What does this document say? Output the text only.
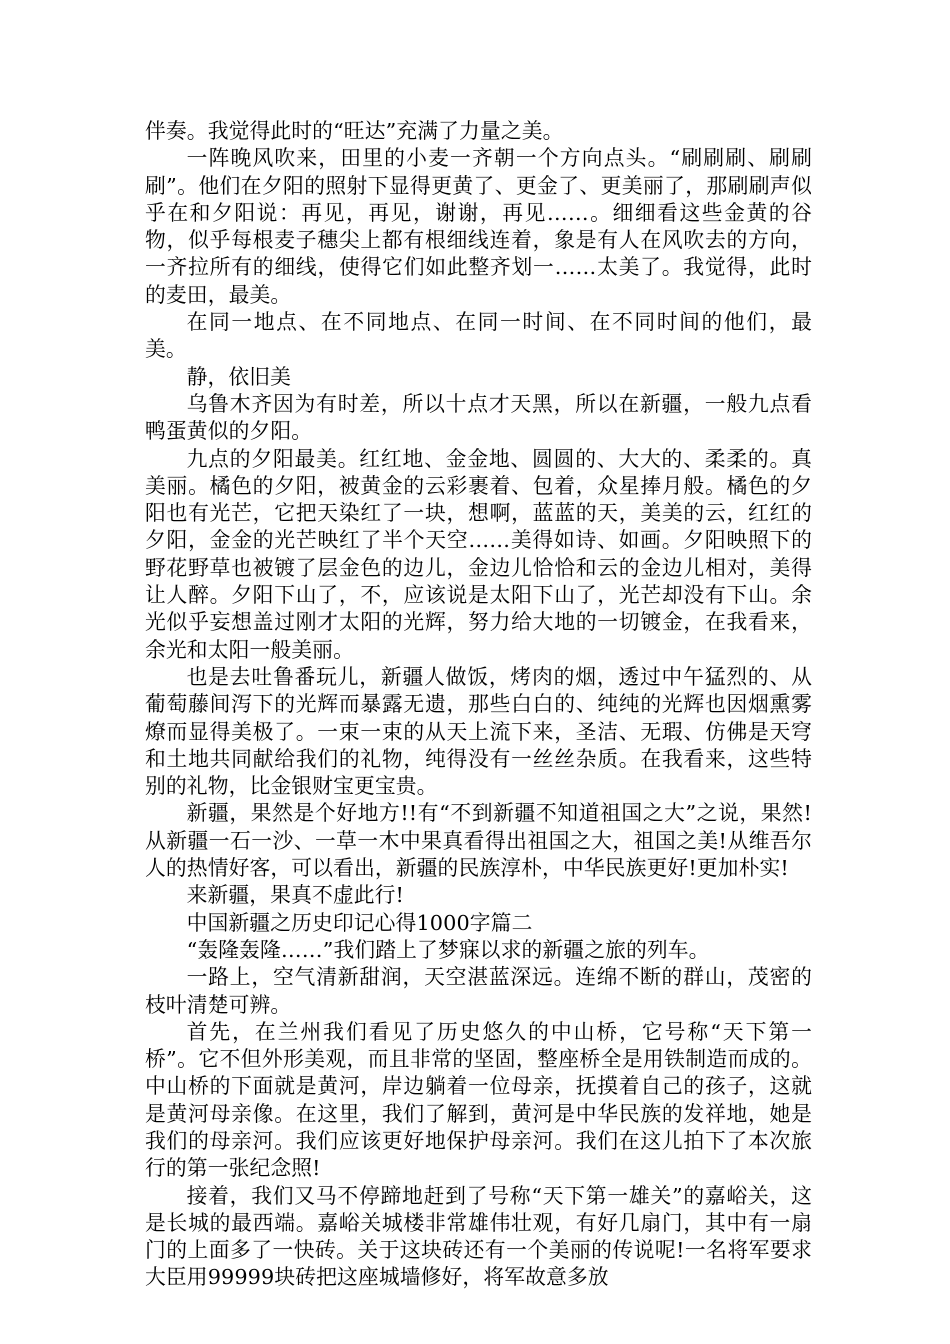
伴奏。我觉得此时的“旺达”充满了力量之美。

一阵晚风吹来，田里的小麦一齐朝一个方向点头。“刷刷刷、刷刷刷”。他们在夕阳的照射下显得更黄了、更金了、更美丽了，那刷刷声似乎在和夕阳说：再见，再见，谢谢，再见……。细细看这些金黄的谷物，似乎每根麦子穗尖上都有根细线连着，象是有人在风吹去的方向，一齐拉所有的细线，使得它们如此整齐划一……太美了。我觉得，此时的麦田，最美。

在同一地点、在不同地点、在同一时间、在不同时间的他们，最美。

静，依旧美

乌鲁木齐因为有时差，所以十点才天黑，所以在新疆，一般九点看鸭蛋黄似的夕阳。

九点的夕阳最美。红红地、金金地、圆圆的、大大的、柔柔的。真美丽。橘色的夕阳，被黄金的云彩裹着、包着，众星捧月般。橘色的夕阳也有光芒，它把天染红了一块，想啊，蓝蓝的天，美美的云，红红的夕阳，金金的光芒映红了半个天空……美得如诗、如画。夕阳映照下的野花野草也被镀了层金色的边儿，金边儿恰恰和云的金边儿相对，美得让人醉。夕阳下山了，不，应该说是太阳下山了，光芒却没有下山。余光似乎妄想盖过刚才太阳的光辉，努力给大地的一切镀金，在我看来，余光和太阳一般美丽。

也是去吐鲁番玩儿，新疆人做饭，烤肉的烟，透过中午猛烈的、从葡萄藤间泻下的光辉而暴露无遗，那些白白的、纯纯的光辉也因烟熏雾燎而显得美极了。一束一束的从天上流下来，圣洁、无瑕、仿佛是天穹和土地共同献给我们的礼物，纯得没有一丝丝杂质。在我看来，这些特别的礼物，比金银财宝更宝贵。

新疆，果然是个好地方!!有“不到新疆不知道祖国之大”之说，果然!从新疆一石一沙、一草一木中果真看得出祖国之大，祖国之美!从维吾尔人的热情好客，可以看出，新疆的民族淳朴，中华民族更好!更加朴实!

来新疆，果真不虚此行!

中国新疆之历史印记心得1000字篇二

“轰隆轰隆……”我们踏上了梦寐以求的新疆之旅的列车。

一路上，空气清新甜润，天空湛蓝深远。连绵不断的群山，茂密的枝叶清楚可辨。

首先，在兰州我们看见了历史悠久的中山桥，它号称“天下第一桥”。它不但外形美观，而且非常的坚固，整座桥全是用铁制造而成的。中山桥的下面就是黄河，岸边躺着一位母亲，抚摸着自己的孩子，这就是黄河母亲像。在这里，我们了解到，黄河是中华民族的发祥地，她是我们的母亲河。我们应该更好地保护母亲河。我们在这儿拍下了本次旅行的第一张纪念照!

接着，我们又马不停蹄地赶到了号称“天下第一雄关”的嘉峪关，这是长城的最西端。嘉峪关城楼非常雄伟壮观，有好几扇门，其中有一扇门的上面多了一快砖。关于这块砖还有一个美丽的传说呢!一名将军要求大臣用99999块砖把这座城墙修好，将军故意多放
